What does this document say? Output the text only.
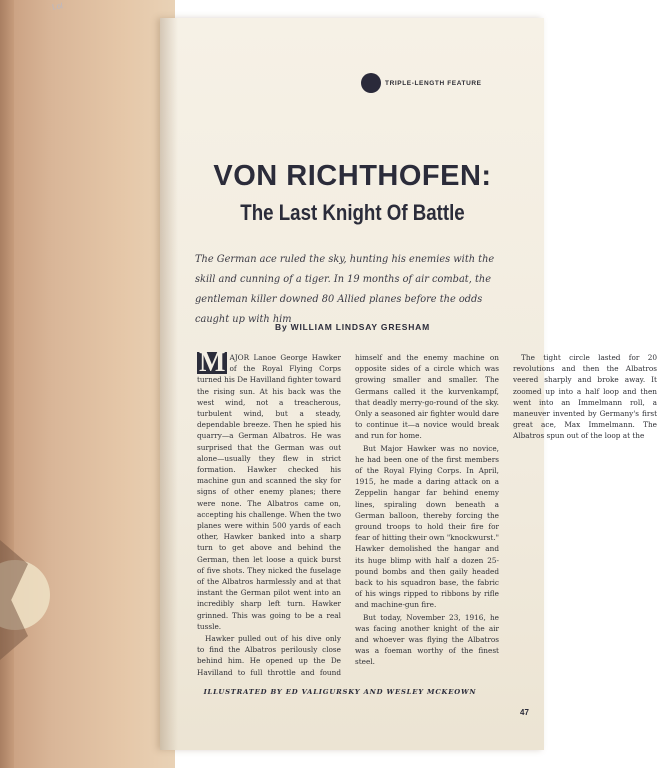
Lol
TRIPLE-LENGTH FEATURE
VON RICHTHOFEN:
The Last Knight Of Battle

The German ace ruled the sky, hunting his enemies with the skill and cunning of a tiger. In 19 months of air combat, the gentleman killer downed 80 Allied planes before the odds caught up with him

By WILLIAM LINDSAY GRESHAM

M AJOR Lanoe George Hawker of the Royal Flying Corps turned his De Havilland fighter toward the rising sun. At his back was the west wind, not a treacherous, turbulent wind, but a steady, dependable breeze. Then he spied his quarry—a German Albatros. He was surprised that the German was out alone—usually they flew in strict formation. Hawker checked his machine gun and scanned the sky for signs of other enemy planes; there were none. The Albatros came on, accepting his challenge. When the two planes were within 500 yards of each other, Hawker banked into a sharp turn to get above and behind the German, then let loose a quick burst of five shots. They nicked the fuselage of the Albatros harmlessly and at that instant the German pilot went into an incredibly sharp left turn. Hawker grinned. This was going to be a real tussle.

Hawker pulled out of his dive only to find the Albatros perilously close behind him. He opened up the De Havilland to full throttle and found himself and the enemy machine on opposite sides of a circle which was growing smaller and smaller. The Germans called it the kurvenkampf, that deadly merry-go-round of the sky. Only a seasoned air fighter would dare to continue it—a novice would break and run for home.

But Major Hawker was no novice, he had been one of the first members of the Royal Flying Corps. In April, 1915, he made a daring attack on a Zeppelin hangar far behind enemy lines, spiraling down beneath a German balloon, thereby forcing the ground troops to hold their fire for fear of hitting their own "knockwurst." Hawker demolished the hangar and its huge blimp with half a dozen 25-pound bombs and then gaily headed back to his squadron base, the fabric of his wings ripped to ribbons by rifle and machine-gun fire.

But today, November 23, 1916, he was facing another knight of the air and whoever was flying the Albatros was a foeman worthy of the finest steel.

The tight circle lasted for 20 revolutions and then the Albatros veered sharply and broke away. It zoomed up into a half loop and then went into an Immelmann roll, a maneuver invented by Germany's first great ace, Max Immelmann. The Albatros spun out of the loop at the

ILLUSTRATED BY ED VALIGURSKY AND WESLEY MCKEOWN

47
